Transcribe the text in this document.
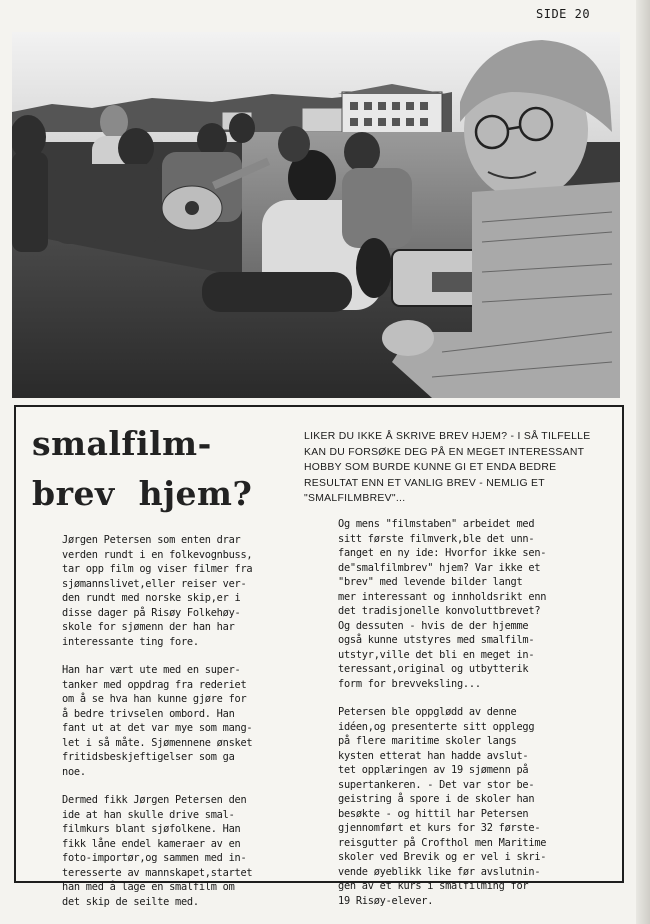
SIDE 20
smalfilm-
brev hjem?
LIKER DU IKKE Å SKRIVE BREV HJEM? - I SÅ TILFELLE KAN DU FORSØKE DEG PÅ EN MEGET INTERESSANT HOBBY SOM BURDE KUNNE GI ET ENDA BEDRE RESULTAT ENN ET VANLIG BREV - NEMLIG ET "SMALFILMBREV"...

Jørgen Petersen som enten drar
verden rundt i en folkevognbuss,
tar opp film og viser filmer fra
sjømannslivet,eller reiser ver-
den rundt med norske skip,er i
disse dager på Risøy Folkehøy-
skole for sjømenn der han har
interessante ting fore.

Han har vært ute med en super-
tanker med oppdrag fra rederiet
om å se hva han kunne gjøre for
å bedre trivselen ombord. Han
fant ut at det var mye som mang-
let i så måte. Sjømennene ønsket
fritidsbeskjeftigelser som ga
noe.

Dermed fikk Jørgen Petersen den
ide at han skulle drive smal-
filmkurs blant sjøfolkene. Han
fikk låne endel kameraer av en
foto-importør,og sammen med in-
teresserte av mannskapet,startet
han med å lage en smalfilm om
det skip de seilte med.

Og mens "filmstaben" arbeidet med
sitt første filmverk,ble det unn-
fanget en ny ide: Hvorfor ikke sen-
de"smalfilmbrev" hjem? Var ikke et
"brev" med levende bilder langt
mer interessant og innholdsrikt enn
det tradisjonelle konvoluttbrevet?
Og dessuten - hvis de der hjemme
også kunne utstyres med smalfilm-
utstyr,ville det bli en meget in-
teressant,original og utbytterik
form for brevveksling...

Petersen ble oppglødd av denne
idéen,og presenterte sitt opplegg
på flere maritime skoler langs
kysten etterat han hadde avslut-
tet opplæringen av 19 sjømenn på
supertankeren. - Det var stor be-
geistring å spore i de skoler han
besøkte - og hittil har Petersen
gjennomført et kurs for 32 første-
reisgutter på Crofthol men Maritime
skoler ved Brevik og er vel i skri-
vende øyeblikk like før avslutnin-
gen av et kurs i smalfilming for
19 Risøy-elever.
